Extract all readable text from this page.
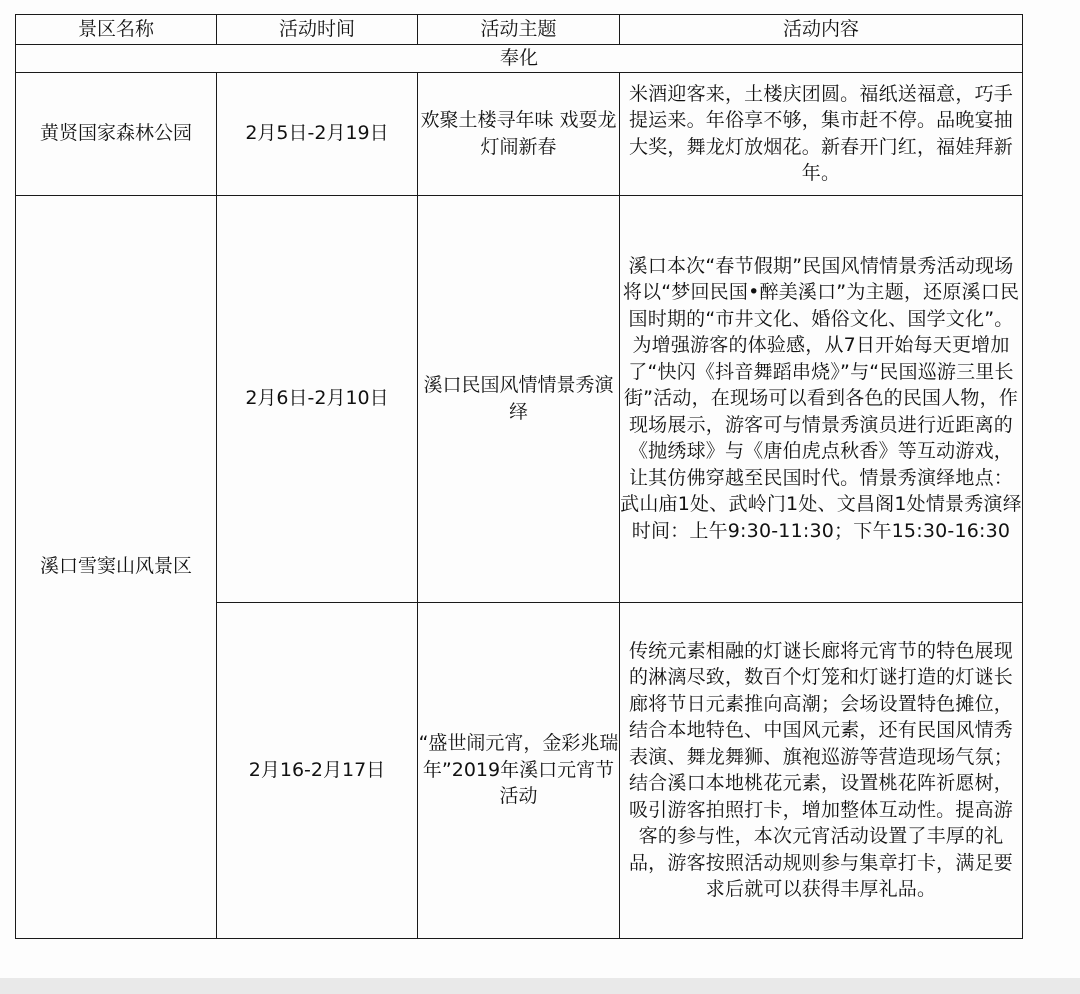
景区名称	活动时间	活动主题	活动内容
奉化			
黄贤国家森林公园	2月5日-2月19日	欢聚土楼寻年味 戏耍龙灯闹新春	米酒迎客来，土楼庆团圆。福纸送福意，巧手提运来。年俗享不够，集市赶不停。品晚宴抽大奖，舞龙灯放烟花。新春开门红，福娃拜新年。
溪口雪窦山风景区	2月6日-2月10日	溪口民国风情情景秀演绎	溪口本次“春节假期”民国风情情景秀活动现场将以“梦回民国•醉美溪口”为主题，还原溪口民国时期的“市井文化、婚俗文化、国学文化”。为增强游客的体验感，从7日开始每天更增加了“快闪《抖音舞蹈串烧》”与“民国巡游三里长街”活动，在现场可以看到各色的民国人物，作现场展示，游客可与情景秀演员进行近距离的《抛绣球》与《唐伯虎点秋香》等互动游戏，让其仿佛穿越至民国时代。情景秀演绎地点：武山庙1处、武岭门1处、文昌阁1处情景秀演绎时间：上午9:30-11:30；下午15:30-16:30
	2月16-2月17日	“盛世闹元宵，金彩兆瑞年”2019年溪口元宵节活动	传统元素相融的灯谜长廊将元宵节的特色展现的淋漓尽致，数百个灯笼和灯谜打造的灯谜长廊将节日元素推向高潮；会场设置特色摊位，结合本地特色、中国风元素，还有民国风情秀表演、舞龙舞狮、旗袍巡游等营造现场气氛；结合溪口本地桃花元素，设置桃花阵祈愿树，吸引游客拍照打卡，增加整体互动性。提高游客的参与性，本次元宵活动设置了丰厚的礼品，游客按照活动规则参与集章打卡，满足要求后就可以获得丰厚礼品。
